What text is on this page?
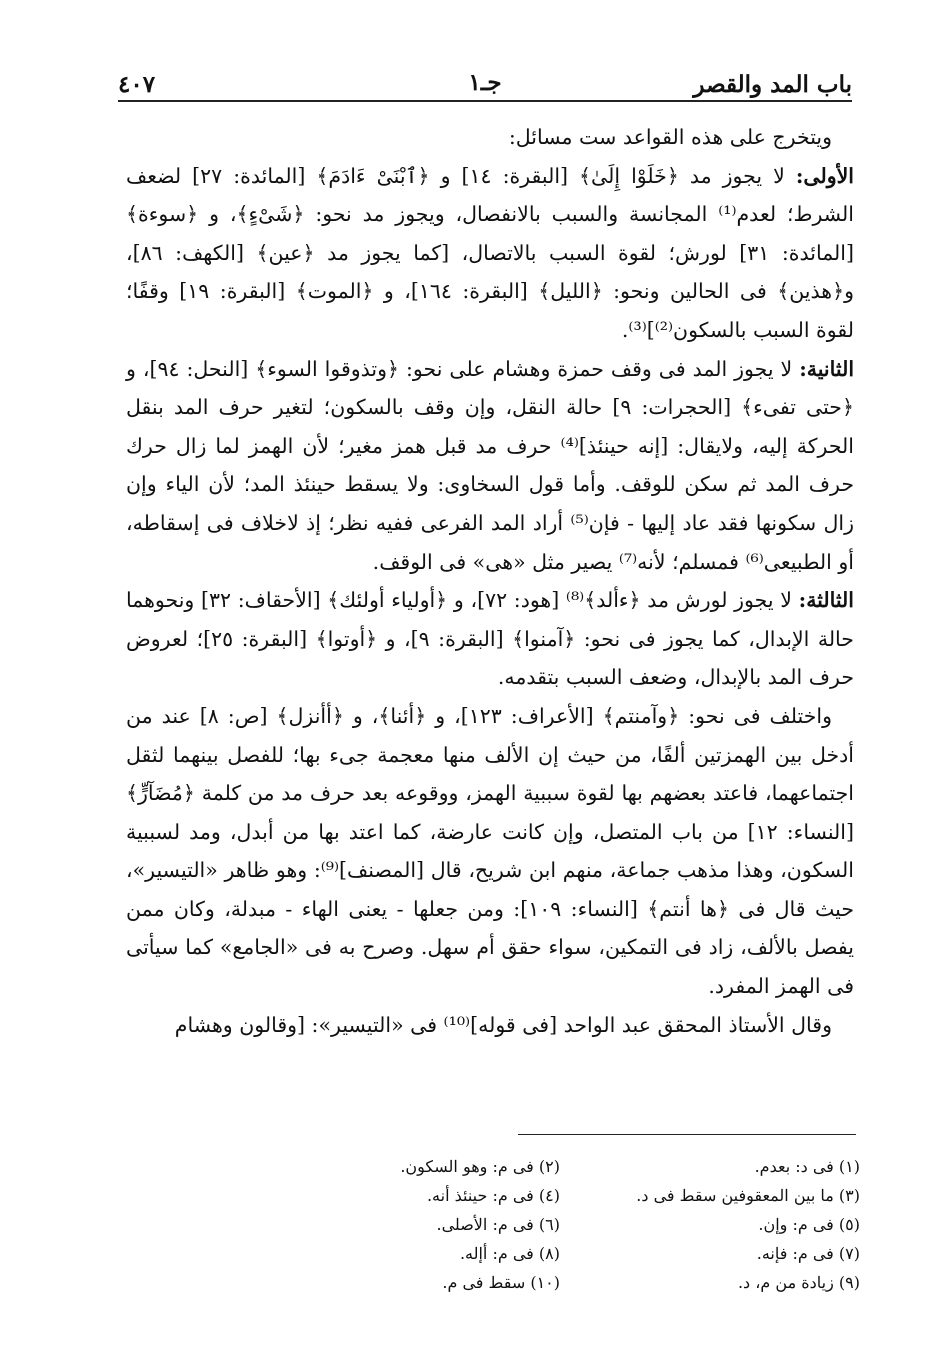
باب المد والقصر
جـ١
٤٠٧

ويتخرج على هذه القواعد ست مسائل:

الأولى: لا يجوز مد ﴿خَلَوْا إِلَىٰ﴾ [البقرة: ١٤] و ﴿ٱبْنَىْ ءَادَمَ﴾ [المائدة: ٢٧] لضعف الشرط؛ لعدم⁽¹⁾ المجانسة والسبب بالانفصال، ويجوز مد نحو: ﴿شَىْءٍ﴾، و ﴿سوءة﴾ [المائدة: ٣١] لورش؛ لقوة السبب بالاتصال، [كما يجوز مد ﴿عين﴾ [الكهف: ٨٦]، و﴿هذين﴾ فى الحالين ونحو: ﴿الليل﴾ [البقرة: ١٦٤]، و ﴿الموت﴾ [البقرة: ١٩] وقفًا؛ لقوة السبب بالسكون⁽²⁾]⁽³⁾.

الثانية: لا يجوز المد فى وقف حمزة وهشام على نحو: ﴿وتذوقوا السوء﴾ [النحل: ٩٤]، و ﴿حتى تفىء﴾ [الحجرات: ٩] حالة النقل، وإن وقف بالسكون؛ لتغير حرف المد بنقل الحركة إليه، ولايقال: [إنه حينئذ]⁽⁴⁾ حرف مد قبل همز مغير؛ لأن الهمز لما زال حرك حرف المد ثم سكن للوقف. وأما قول السخاوى: ولا يسقط حينئذ المد؛ لأن الياء وإن زال سكونها فقد عاد إليها - فإن⁽⁵⁾ أراد المد الفرعى ففيه نظر؛ إذ لاخلاف فى إسقاطه، أو الطبيعى⁽⁶⁾ فمسلم؛ لأنه⁽⁷⁾ يصير مثل «هى» فى الوقف.

الثالثة: لا يجوز لورش مد ﴿ءألد﴾⁽⁸⁾ [هود: ٧٢]، و ﴿أولياء أولئك﴾ [الأحقاف: ٣٢] ونحوهما حالة الإبدال، كما يجوز فى نحو: ﴿آمنوا﴾ [البقرة: ٩]، و ﴿أوتوا﴾ [البقرة: ٢٥]؛ لعروض حرف المد بالإبدال، وضعف السبب بتقدمه.

واختلف فى نحو: ﴿وآمنتم﴾ [الأعراف: ١٢٣]، و ﴿أئنا﴾، و ﴿أأنزل﴾ [ص: ٨] عند من أدخل بين الهمزتين ألفًا، من حيث إن الألف منها معجمة جىء بها؛ للفصل بينهما لثقل اجتماعهما، فاعتد بعضهم بها لقوة سببية الهمز، ووقوعه بعد حرف مد من كلمة ﴿مُضَآرٍّ﴾ [النساء: ١٢] من باب المتصل، وإن كانت عارضة، كما اعتد بها من أبدل، ومد لسببية السكون، وهذا مذهب جماعة، منهم ابن شريح، قال [المصنف]⁽⁹⁾: وهو ظاهر «التيسير»، حيث قال فى ﴿ها أنتم﴾ [النساء: ١٠٩]: ومن جعلها - يعنى الهاء - مبدلة، وكان ممن يفصل بالألف، زاد فى التمكين، سواء حقق أم سهل. وصرح به فى «الجامع» كما سيأتى فى الهمز المفرد.

وقال الأستاذ المحقق عبد الواحد [فى قوله]⁽¹⁰⁾ فى «التيسير»: [وقالون وهشام

(١) فى د: بعدم.
(٢) فى م: وهو السكون.
(٣) ما بين المعقوفين سقط فى د.
(٤) فى م: حينئذ أنه.
(٥) فى م: وإن.
(٦) فى م: الأصلى.
(٧) فى م: فإنه.
(٨) فى م: أإله.
(٩) زيادة من م، د.
(١٠) سقط فى م.
